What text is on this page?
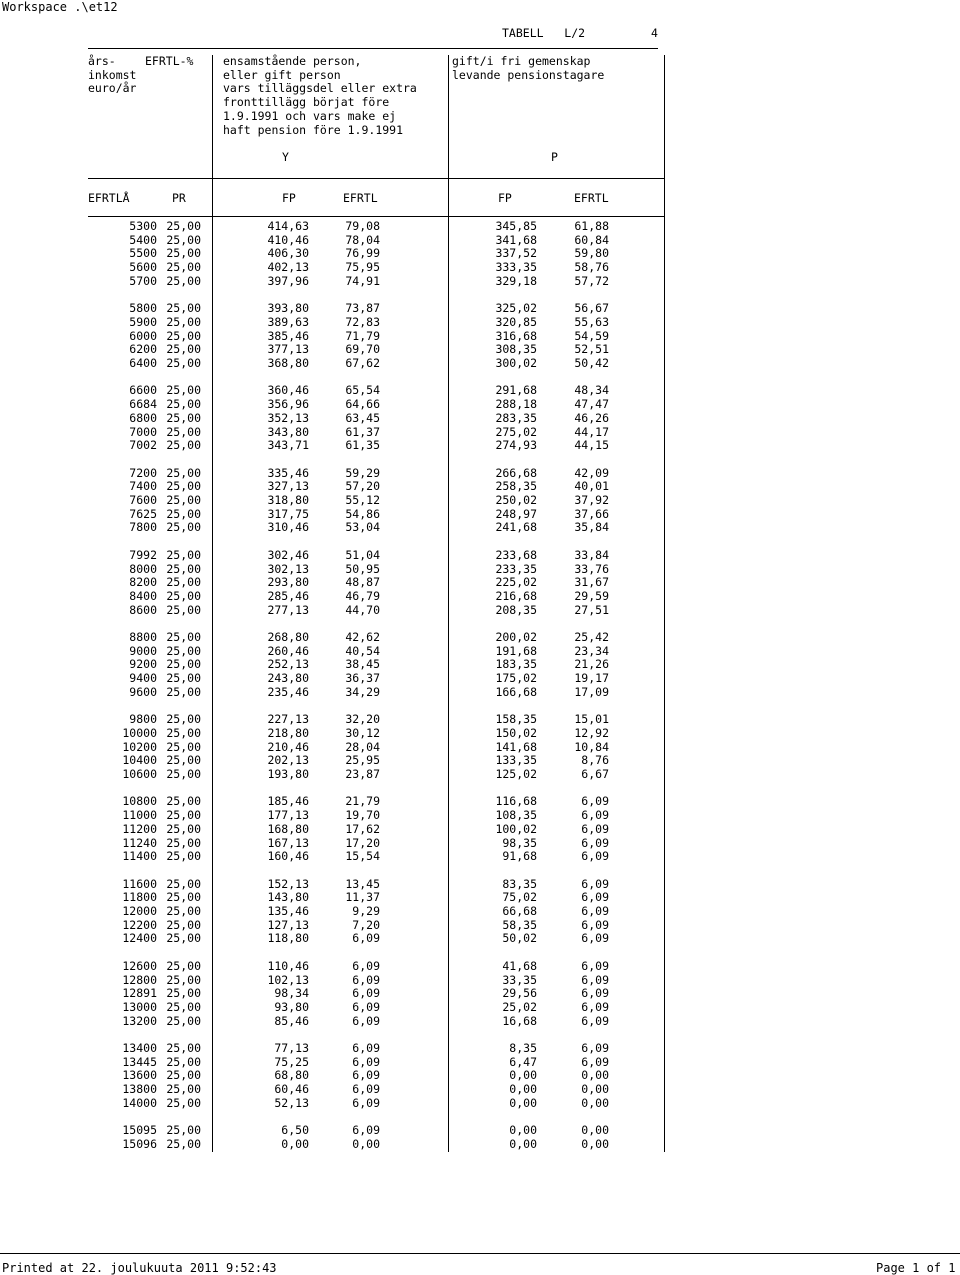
Workspace .\et12
TABELL   L/2	4
års-
inkomst
euro/år
EFRTL-%	ensamstående person,
eller gift person
vars tilläggsdel eller extra
fronttillägg börjat före
1.9.1991 och vars make ej
haft pension före 1.9.1991
gift/i fri gemenskap
levande pensionstagare
Y	P
EFRTLÅ	PR	FP	EFRTL	FP	EFRTL
5300 25,00	414,63	79,08	345,85	61,88
5400 25,00	410,46	78,04	341,68	60,84
5500 25,00	406,30	76,99	337,52	59,80
5600 25,00	402,13	75,95	333,35	58,76
5700 25,00	397,96	74,91	329,18	57,72
5800 25,00	393,80	73,87	325,02	56,67
5900 25,00	389,63	72,83	320,85	55,63
6000 25,00	385,46	71,79	316,68	54,59
6200 25,00	377,13	69,70	308,35	52,51
6400 25,00	368,80	67,62	300,02	50,42
6600 25,00	360,46	65,54	291,68	48,34
6684 25,00	356,96	64,66	288,18	47,47
6800 25,00	352,13	63,45	283,35	46,26
7000 25,00	343,80	61,37	275,02	44,17
7002 25,00	343,71	61,35	274,93	44,15
7200 25,00	335,46	59,29	266,68	42,09
7400 25,00	327,13	57,20	258,35	40,01
7600 25,00	318,80	55,12	250,02	37,92
7625 25,00	317,75	54,86	248,97	37,66
7800 25,00	310,46	53,04	241,68	35,84
7992 25,00	302,46	51,04	233,68	33,84
8000 25,00	302,13	50,95	233,35	33,76
8200 25,00	293,80	48,87	225,02	31,67
8400 25,00	285,46	46,79	216,68	29,59
8600 25,00	277,13	44,70	208,35	27,51
8800 25,00	268,80	42,62	200,02	25,42
9000 25,00	260,46	40,54	191,68	23,34
9200 25,00	252,13	38,45	183,35	21,26
9400 25,00	243,80	36,37	175,02	19,17
9600 25,00	235,46	34,29	166,68	17,09
9800 25,00	227,13	32,20	158,35	15,01
10000 25,00	218,80	30,12	150,02	12,92
10200 25,00	210,46	28,04	141,68	10,84
10400 25,00	202,13	25,95	133,35	8,76
10600 25,00	193,80	23,87	125,02	6,67
10800 25,00	185,46	21,79	116,68	6,09
11000 25,00	177,13	19,70	108,35	6,09
11200 25,00	168,80	17,62	100,02	6,09
11240 25,00	167,13	17,20	98,35	6,09
11400 25,00	160,46	15,54	91,68	6,09
11600 25,00	152,13	13,45	83,35	6,09
11800 25,00	143,80	11,37	75,02	6,09
12000 25,00	135,46	9,29	66,68	6,09
12200 25,00	127,13	7,20	58,35	6,09
12400 25,00	118,80	6,09	50,02	6,09
12600 25,00	110,46	6,09	41,68	6,09
12800 25,00	102,13	6,09	33,35	6,09
12891 25,00	98,34	6,09	29,56	6,09
13000 25,00	93,80	6,09	25,02	6,09
13200 25,00	85,46	6,09	16,68	6,09
13400 25,00	77,13	6,09	8,35	6,09
13445 25,00	75,25	6,09	6,47	6,09
13600 25,00	68,80	6,09	0,00	0,00
13800 25,00	60,46	6,09	0,00	0,00
14000 25,00	52,13	6,09	0,00	0,00
15095 25,00	6,50	6,09	0,00	0,00
15096 25,00	0,00	0,00	0,00	0,00
Printed at 22. joulukuuta 2011 9:52:43	Page 1 of 1
